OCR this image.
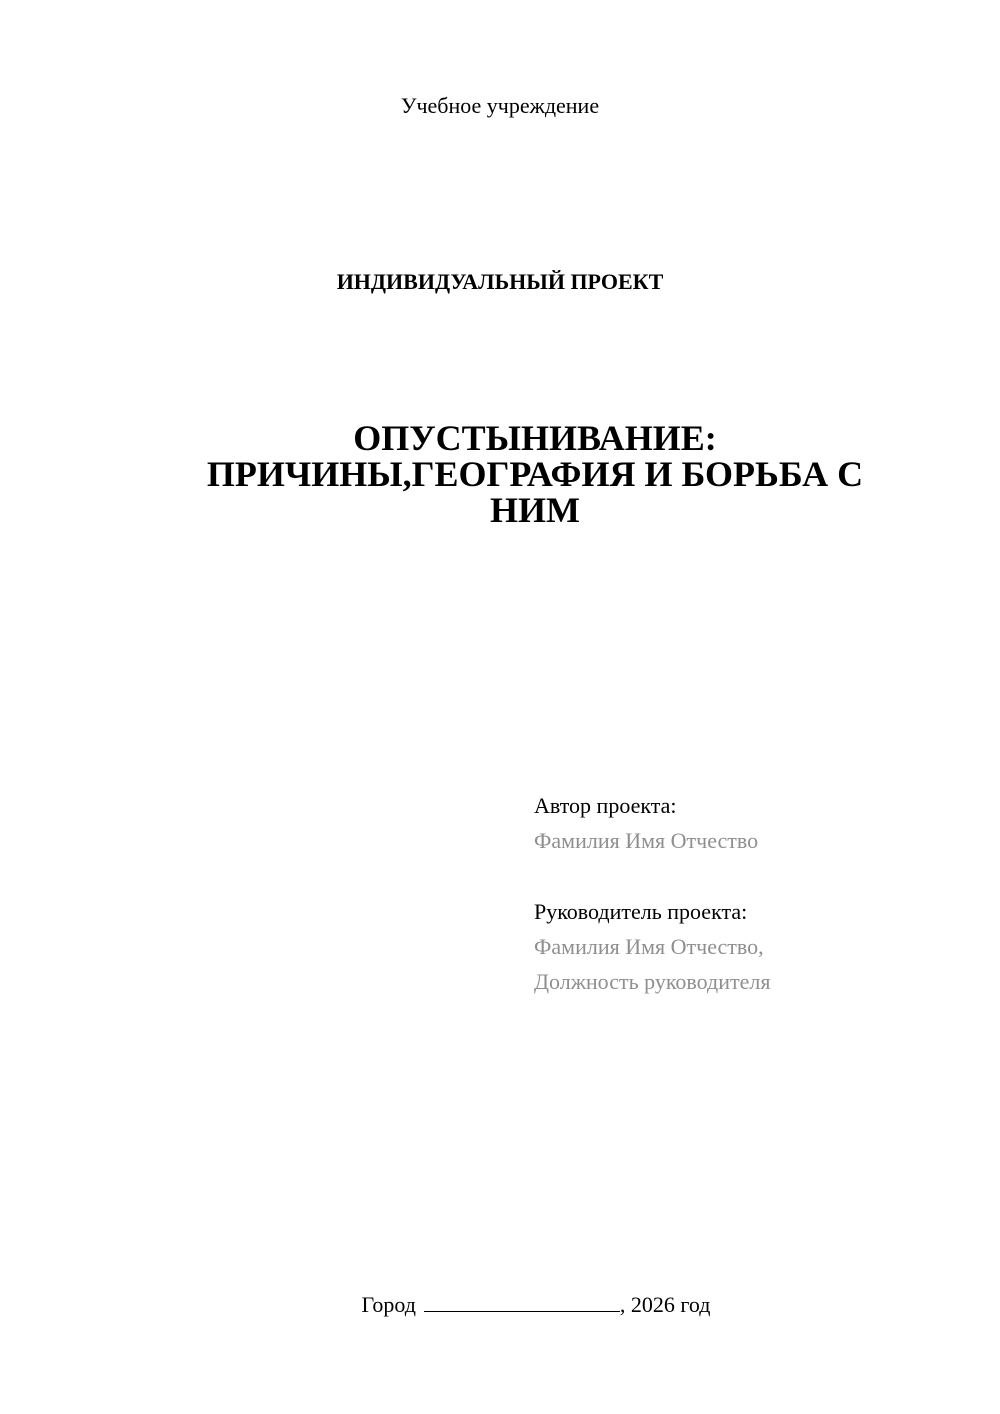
Учебное учреждение
ИНДИВИДУАЛЬНЫЙ ПРОЕКТ
ОПУСТЫНИВАНИЕ:
ПРИЧИНЫ,ГЕОГРАФИЯ И БОРЬБА С
НИМ
Автор проекта:
Фамилия Имя Отчество
Руководитель проекта:
Фамилия Имя Отчество,
Должность руководителя
Город	, 2026 год
